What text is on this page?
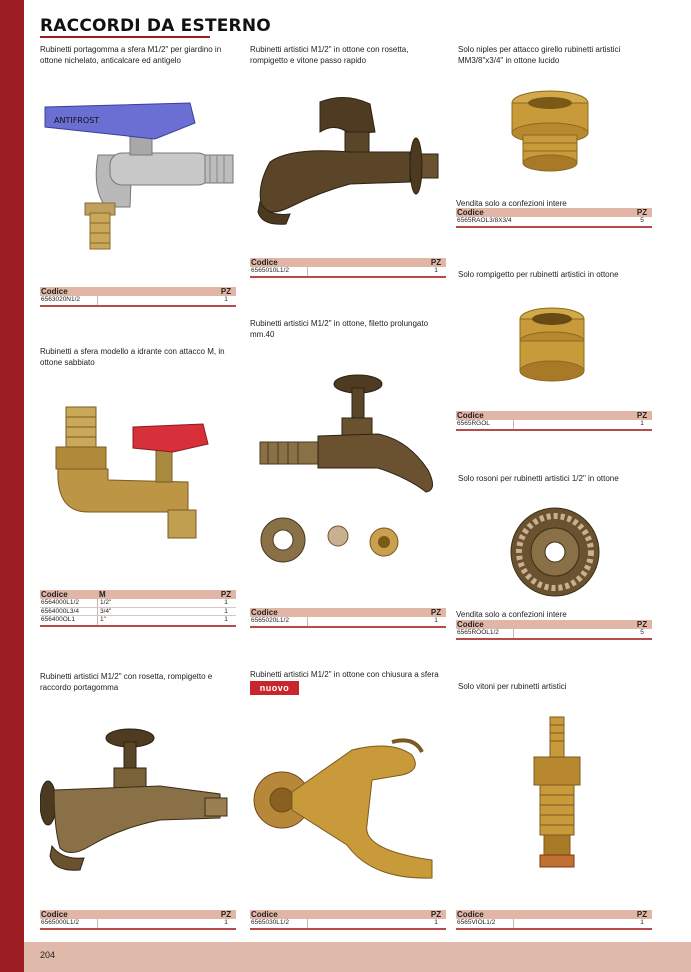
204
RACCORDI DA ESTERNO
Rubinetti portagomma a sfera M1/2" per giardino in ottone nichelato, anticalcare ed antigelo
ANTIFROST
Codice	PZ
6563020N1/2	1
Rubinetti artistici M1/2" in ottone con rosetta, rompigetto e vitone passo rapido
Codice	PZ
6565010L1/2	1
Solo niples per attacco girello rubinetti artistici MM3/8"x3/4" in ottone lucido
Vendita solo a confezioni intere
Codice	PZ
6565RAOL3/8X3/4	5
Solo rompigetto per rubinetti artistici in ottone
Codice	PZ
6565RGOL	1
Rubinetti artistici M1/2" in ottone, filetto prolungato mm.40
Codice	PZ
6565020L1/2	1
Rubinetti a sfera modello a idrante con attacco M, in ottone sabbiato
Codice	M	PZ
6564000L1/2	1/2"	1
6564000L3/4	3/4"	1
656400OL1	1"	1
Solo rosoni per rubinetti artistici 1/2" in ottone
Vendita solo a confezioni intere
Codice	PZ
6565ROOL1/2	5
Rubinetti artistici M1/2" con rosetta, rompigetto e raccordo portagomma
Codice	PZ
6565000L1/2	1
Rubinetti artistici M1/2" in ottone con chiusura a sfera
nuovo
Codice	PZ
6565030L1/2	1
Solo vitoni per rubinetti artistici
Codice	PZ
6565VIOL1/2	1
